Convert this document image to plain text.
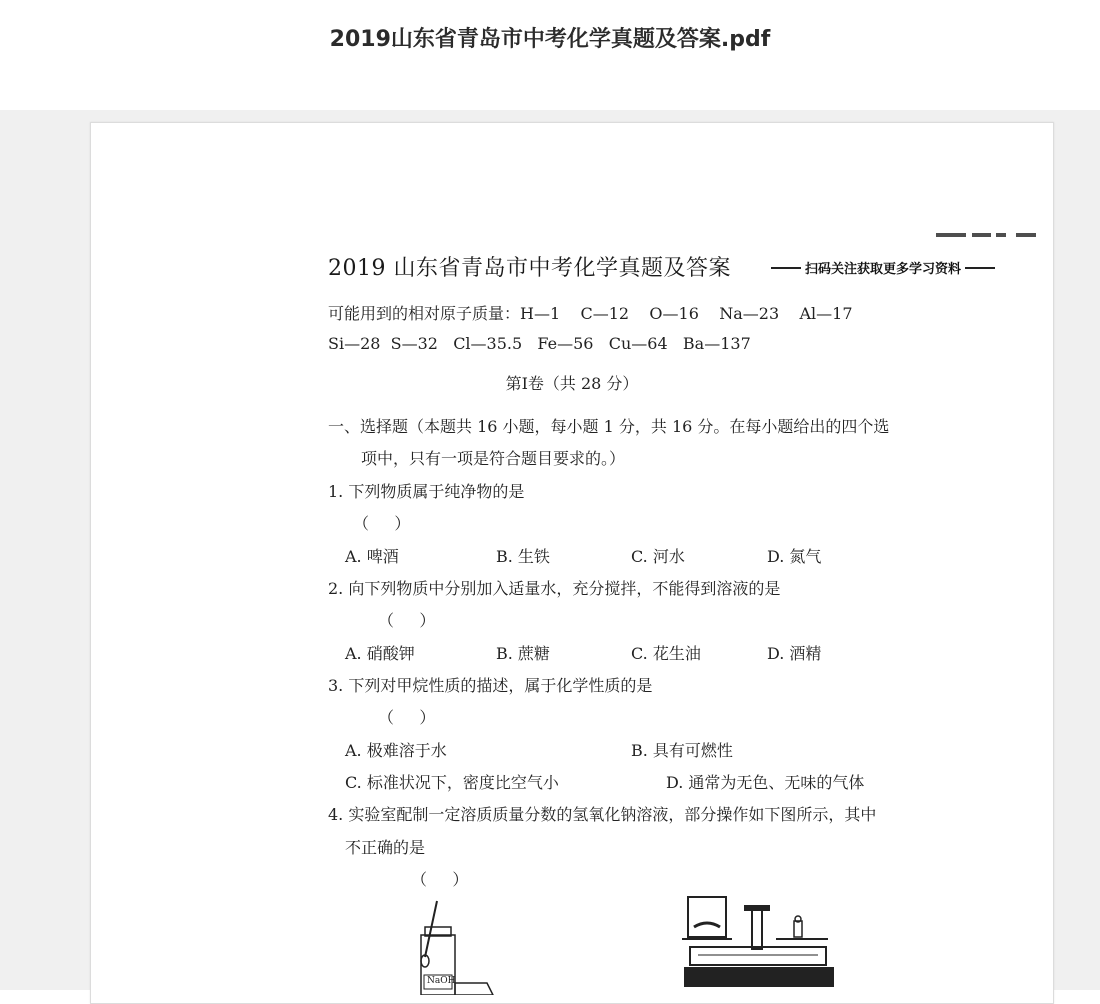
2019山东省青岛市中考化学真题及答案.pdf
2019 山东省青岛市中考化学真题及答案	扫码关注获取更多学习资料
可能用到的相对原子质量：H—1    C—12    O—16    Na—23    Al—17
Si—28  S—32   Cl—35.5   Fe—56   Cu—64   Ba—137
第Ⅰ卷（共 28 分）
一、选择题（本题共 16 小题，每小题 1 分，共 16 分。在每小题给出的四个选
项中，只有一项是符合题目要求的。）
1. 下列物质属于纯净物的是
（     ）
A. 啤酒	B. 生铁	C. 河水	D. 氮气
2. 向下列物质中分别加入适量水，充分搅拌，不能得到溶液的是
（     ）
A. 硝酸钾	B. 蔗糖	C. 花生油	D. 酒精
3. 下列对甲烷性质的描述，属于化学性质的是
（     ）
A. 极难溶于水	B. 具有可燃性
C. 标准状况下，密度比空气小	D. 通常为无色、无味的气体
4. 实验室配制一定溶质质量分数的氢氧化钠溶液，部分操作如下图所示，其中
不正确的是
（     ）
NaOH
